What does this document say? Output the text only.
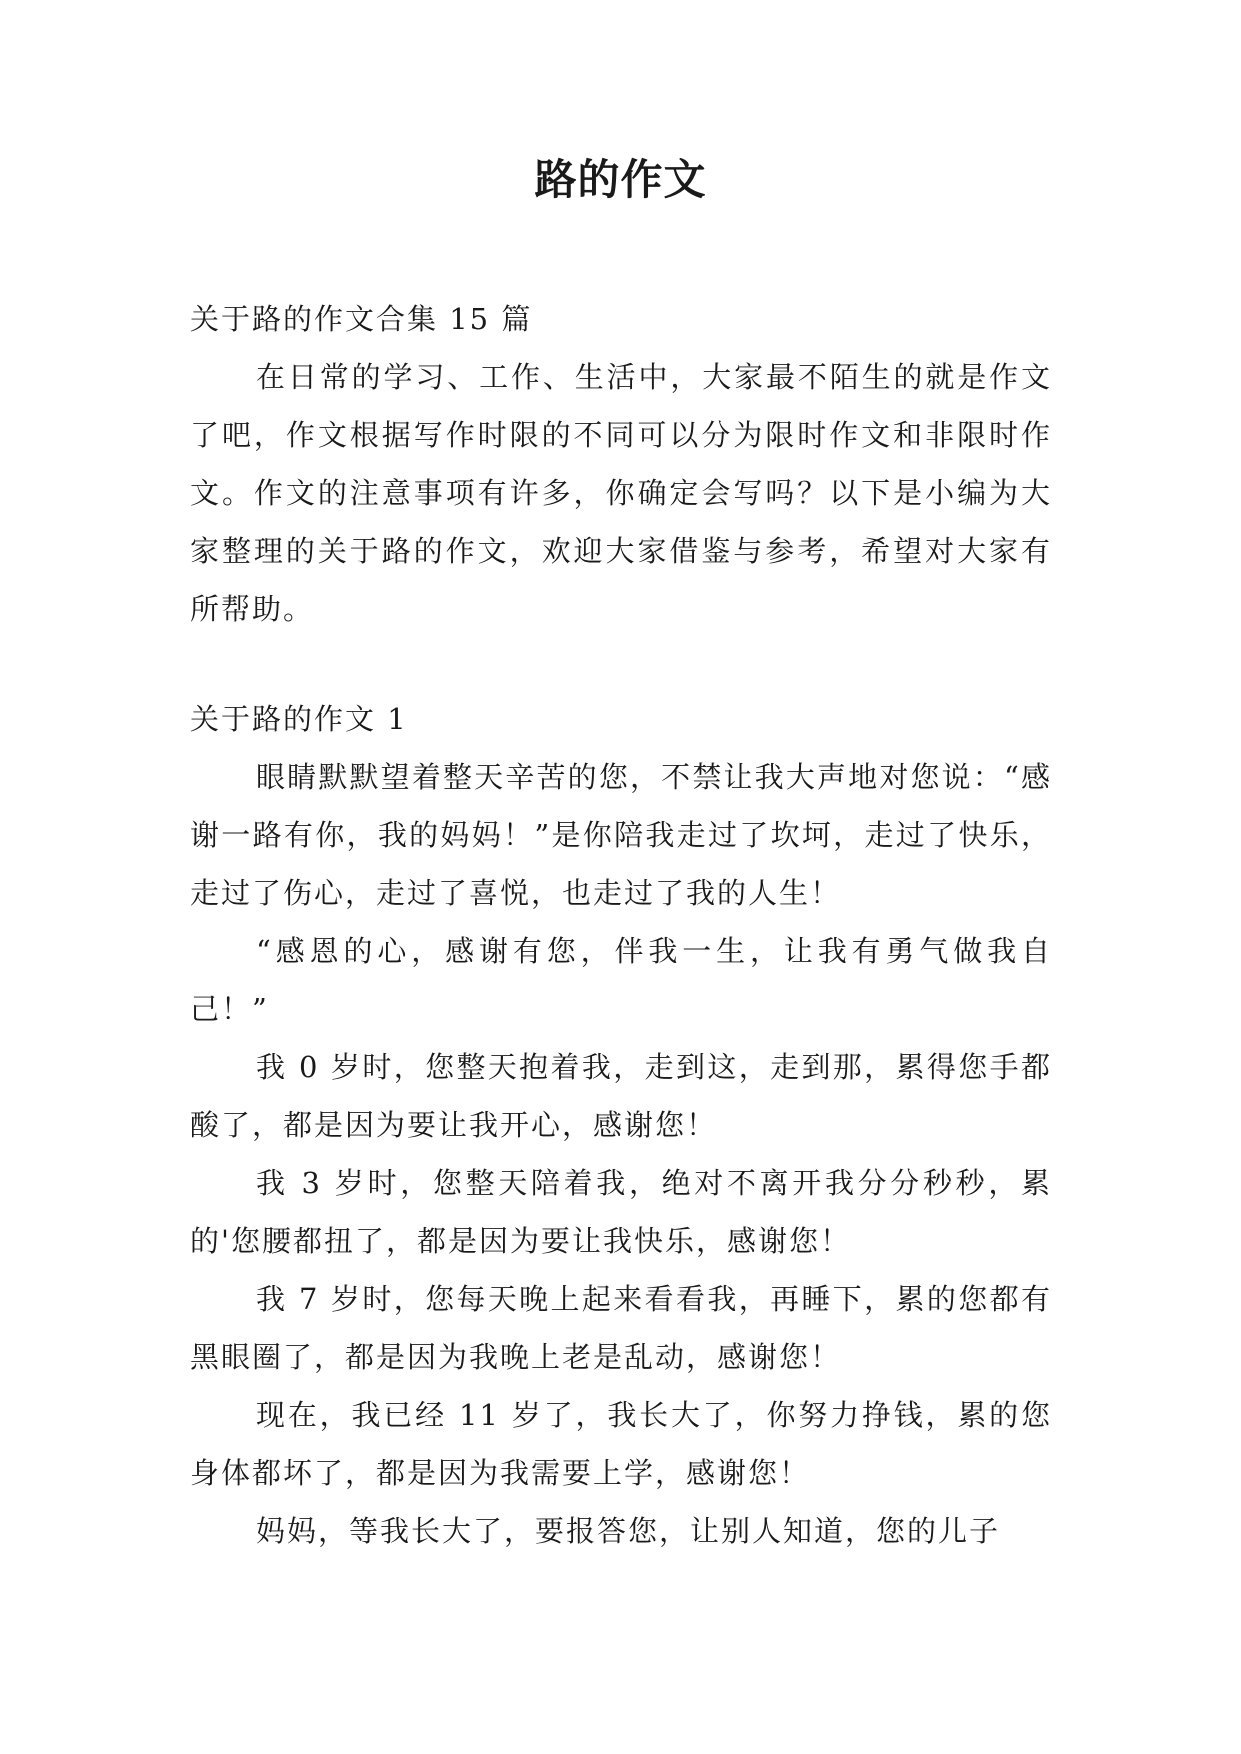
路的作文

关于路的作文合集 15 篇

在日常的学习、工作、生活中，大家最不陌生的就是作文了吧，作文根据写作时限的不同可以分为限时作文和非限时作文。作文的注意事项有许多，你确定会写吗？以下是小编为大家整理的关于路的作文，欢迎大家借鉴与参考，希望对大家有所帮助。

关于路的作文 1

眼睛默默望着整天辛苦的您，不禁让我大声地对您说：“感谢一路有你，我的妈妈！”是你陪我走过了坎坷，走过了快乐，走过了伤心，走过了喜悦，也走过了我的人生！

“感恩的心，感谢有您，伴我一生，让我有勇气做我自己！”

我 0 岁时，您整天抱着我，走到这，走到那，累得您手都酸了，都是因为要让我开心，感谢您！

我 3 岁时，您整天陪着我，绝对不离开我分分秒秒，累的'您腰都扭了，都是因为要让我快乐，感谢您！

我 7 岁时，您每天晚上起来看看我，再睡下，累的您都有黑眼圈了，都是因为我晚上老是乱动，感谢您！

现在，我已经 11 岁了，我长大了，你努力挣钱，累的您身体都坏了，都是因为我需要上学，感谢您！

妈妈，等我长大了，要报答您，让别人知道，您的儿子
